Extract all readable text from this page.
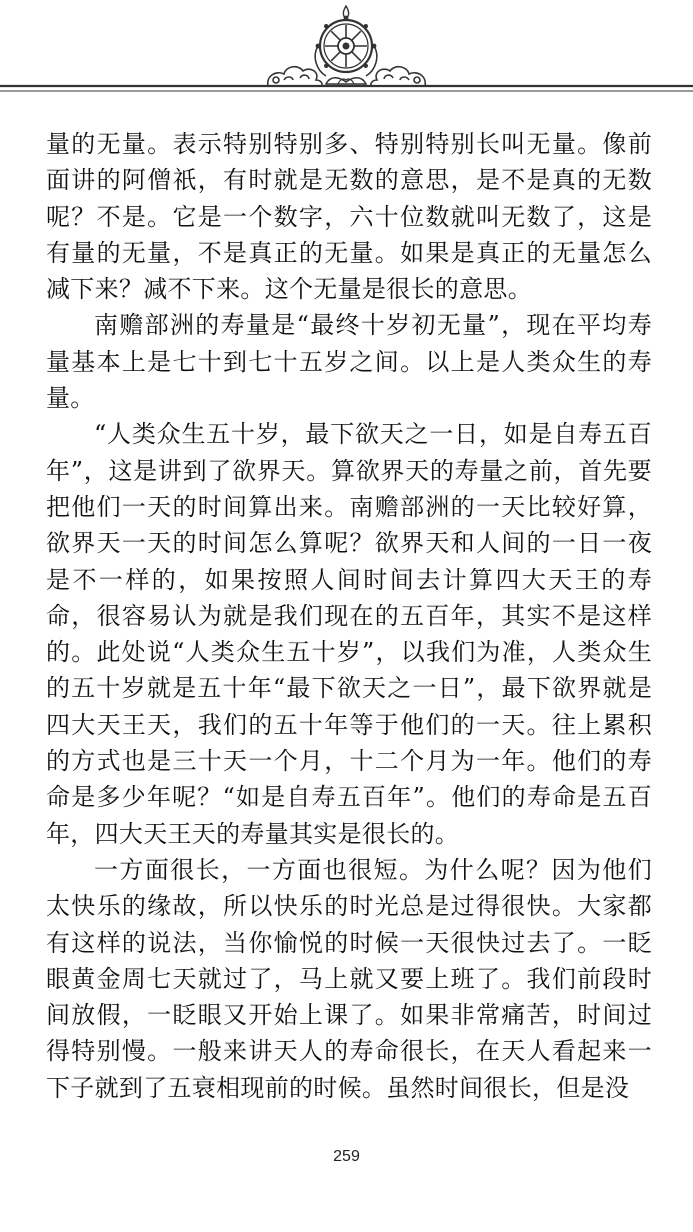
量的无量。表示特别特别多、特别特别长叫无量。像前面讲的阿僧祇，有时就是无数的意思，是不是真的无数呢？不是。它是一个数字，六十位数就叫无数了，这是有量的无量，不是真正的无量。如果是真正的无量怎么减下来？减不下来。这个无量是很长的意思。

南赡部洲的寿量是“最终十岁初无量”，现在平均寿量基本上是七十到七十五岁之间。以上是人类众生的寿量。

“人类众生五十岁，最下欲天之一日，如是自寿五百年”，这是讲到了欲界天。算欲界天的寿量之前，首先要把他们一天的时间算出来。南赡部洲的一天比较好算，欲界天一天的时间怎么算呢？欲界天和人间的一日一夜是不一样的，如果按照人间时间去计算四大天王的寿命，很容易认为就是我们现在的五百年，其实不是这样的。此处说“人类众生五十岁”，以我们为准，人类众生的五十岁就是五十年“最下欲天之一日”，最下欲界就是四大天王天，我们的五十年等于他们的一天。往上累积的方式也是三十天一个月，十二个月为一年。他们的寿命是多少年呢？“如是自寿五百年”。他们的寿命是五百年，四大天王天的寿量其实是很长的。

一方面很长，一方面也很短。为什么呢？因为他们太快乐的缘故，所以快乐的时光总是过得很快。大家都有这样的说法，当你愉悦的时候一天很快过去了。一眨眼黄金周七天就过了，马上就又要上班了。我们前段时间放假，一眨眼又开始上课了。如果非常痛苦，时间过得特别慢。一般来讲天人的寿命很长，在天人看起来一下子就到了五衰相现前的时候。虽然时间很长，但是没

259
